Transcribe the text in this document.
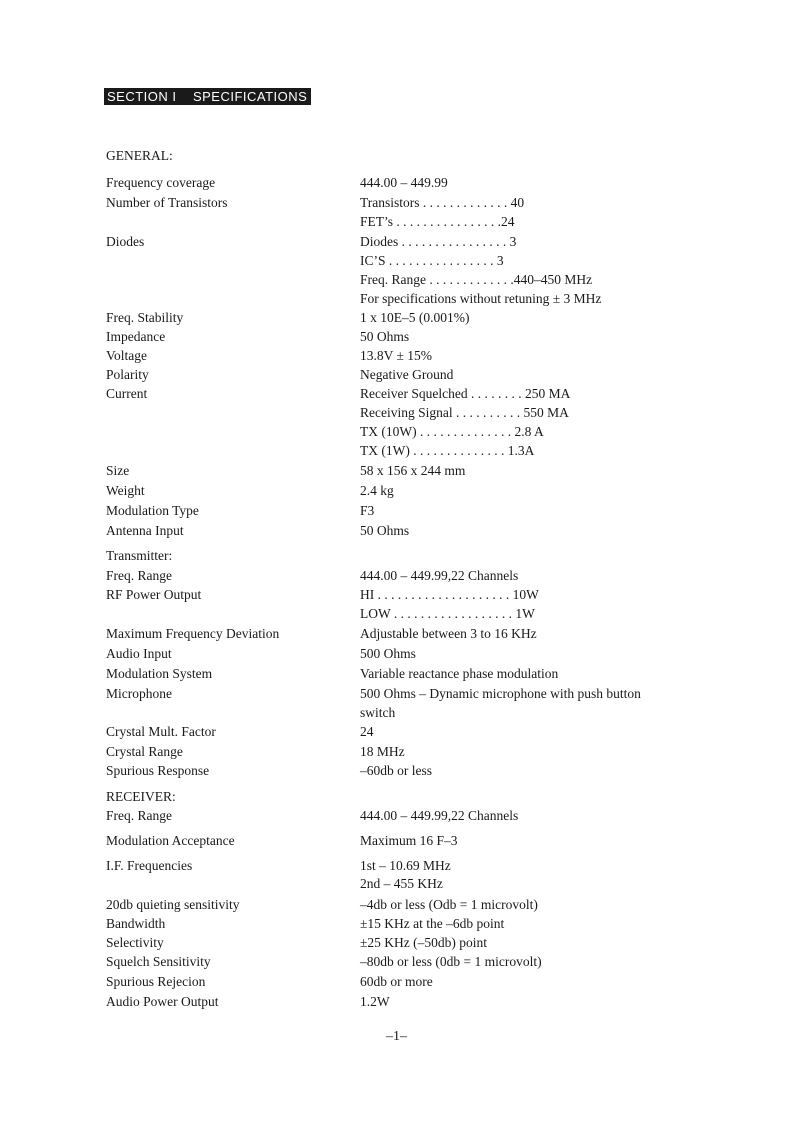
SECTION I    SPECIFICATIONS
GENERAL:
Frequency coverage	444.00 – 449.99
Number of Transistors	Transistors . . . . . . . . . . . . . 40
FET’s . . . . . . . . . . . . . . . .24
Diodes	Diodes . . . . . . . . . . . . . . . . 3
IC’S . . . . . . . . . . . . . . . . 3
Freq. Range . . . . . . . . . . . . .440–450 MHz
For specifications without retuning ± 3 MHz
Freq. Stability	1 x 10E–5 (0.001%)
Impedance	50 Ohms
Voltage	13.8V ± 15%
Polarity	Negative Ground
Current	Receiver Squelched . . . . . . . . 250 MA
Receiving Signal . . . . . . . . . . 550 MA
TX (10W) . . . . . . . . . . . . . . 2.8 A
TX (1W) . . . . . . . . . . . . . . 1.3A
Size	58 x 156 x 244 mm
Weight	2.4 kg
Modulation Type	F3
Antenna Input	50 Ohms
Transmitter:
Freq. Range	444.00 – 449.99,22 Channels
RF Power Output	HI . . . . . . . . . . . . . . . . . . . . 10W
LOW . . . . . . . . . . . . . . . . . . 1W
Maximum Frequency Deviation	Adjustable between 3 to 16 KHz
Audio Input	500 Ohms
Modulation System	Variable reactance phase modulation
Microphone	500 Ohms – Dynamic microphone with push button
switch
Crystal Mult. Factor	24
Crystal Range	18 MHz
Spurious Response	–60db or less
RECEIVER:
Freq. Range	444.00 – 449.99,22 Channels
Modulation Acceptance	Maximum 16 F–3
I.F. Frequencies	1st – 10.69 MHz
2nd – 455 KHz
20db quieting sensitivity	–4db or less (Odb = 1 microvolt)
Bandwidth	±15 KHz at the –6db point
Selectivity	±25 KHz (–50db) point
Squelch Sensitivity	–80db or less (0db = 1 microvolt)
Spurious Rejecion	60db or more
Audio Power Output	1.2W
–1–
